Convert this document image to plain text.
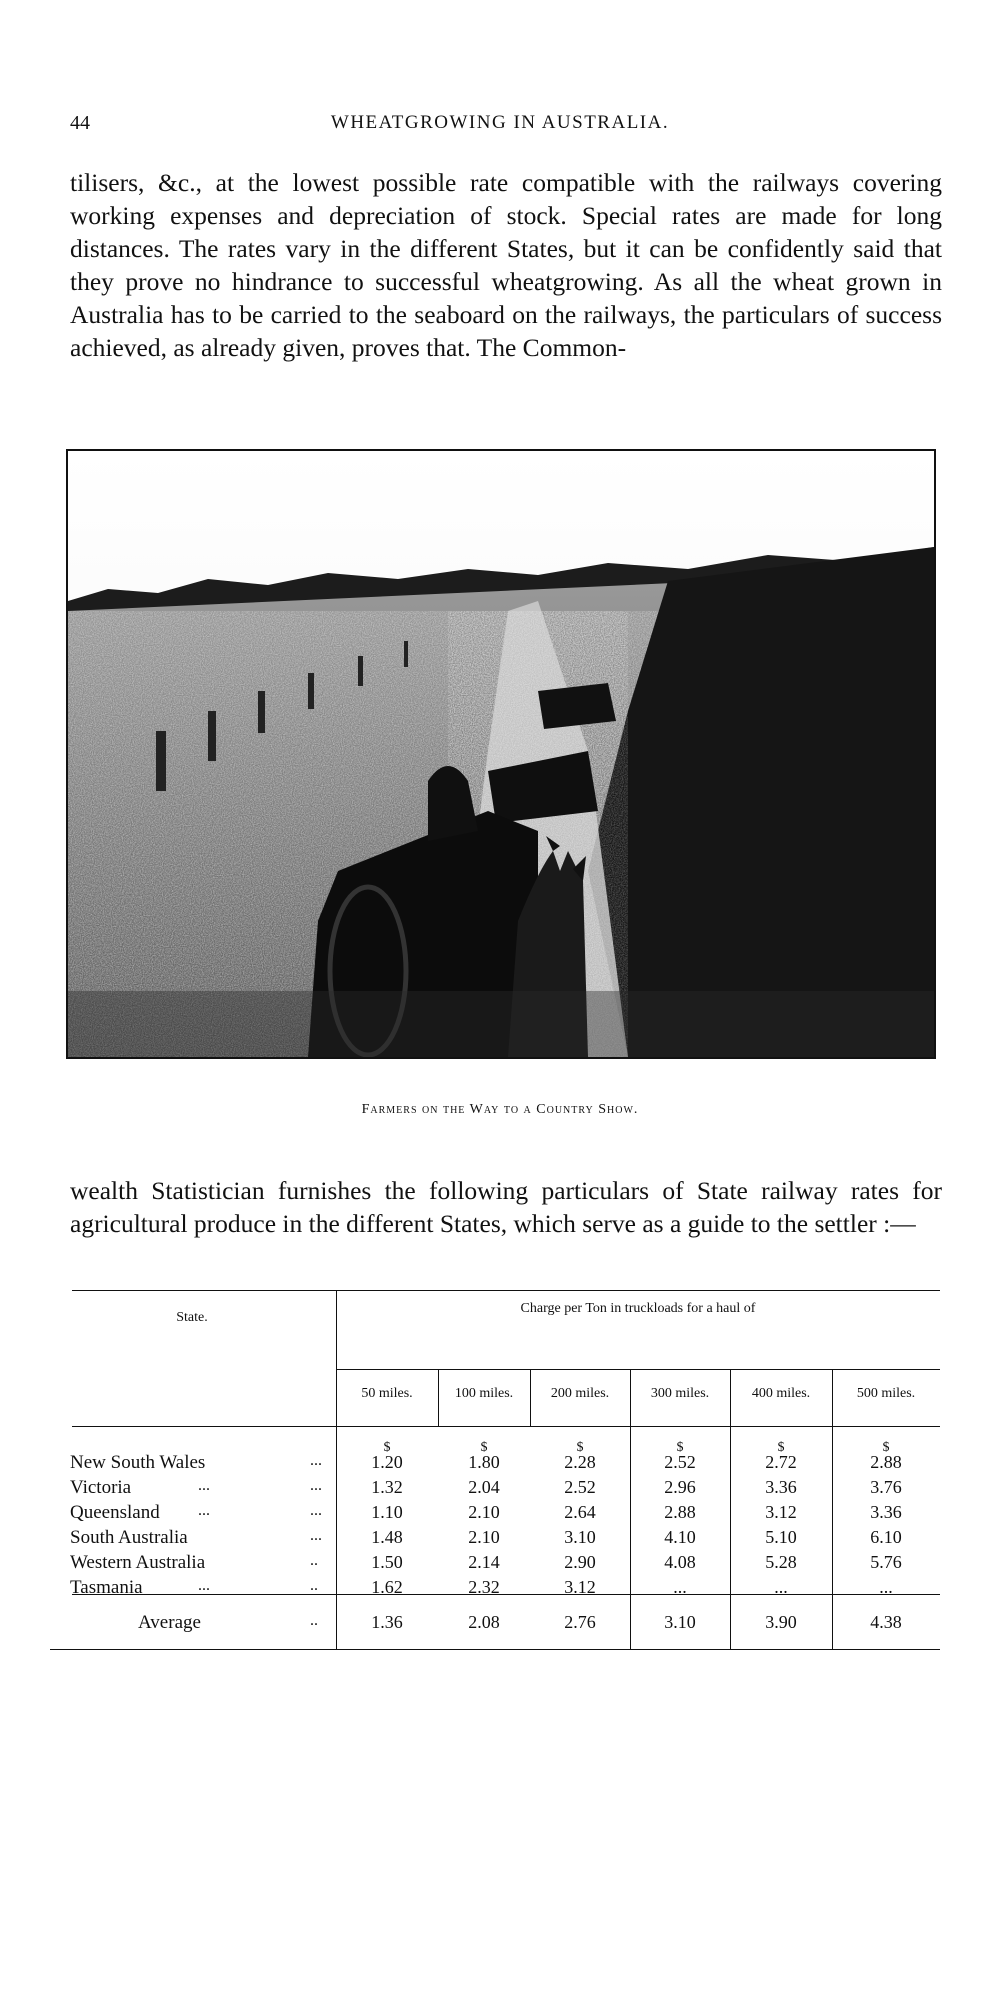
44	WHEATGROWING IN AUSTRALIA.

tilisers, &c., at the lowest possible rate compatible with the railways covering working expenses and depreciation of stock. Special rates are made for long distances. The rates vary in the different States, but it can be confidently said that they prove no hindrance to successful wheatgrowing. As all the wheat grown in Australia has to be carried to the seaboard on the railways, the particulars of success achieved, as already given, proves that. The Common-

Farmers on the Way to a Country Show.

wealth Statistician furnishes the following particulars of State railway rates for agricultural produce in the different States, which serve as a guide to the settler :—

State.
Charge per Ton in truckloads for a haul of
50 miles.	100 miles.	200 miles.	300 miles.	400 miles.	500 miles.
$	$	$	$	$	$
New South Wales	...	1.20	1.80	2.28	2.52	2.72	2.88
Victoria	...	...	1.32	2.04	2.52	2.96	3.36	3.76
Queensland ...	...	1.10	2.10	2.64	2.88	3.12	3.36
South Australia	...	1.48	2.10	3.10	4.10	5.10	6.10
Western Australia	..	1.50	2.14	2.90	4.08	5.28	5.76
Tasmania	...	..	1.62	2.32	3.12	...	...	...
Average	..	1.36	2.08	2.76	3.10	3.90	4.38
